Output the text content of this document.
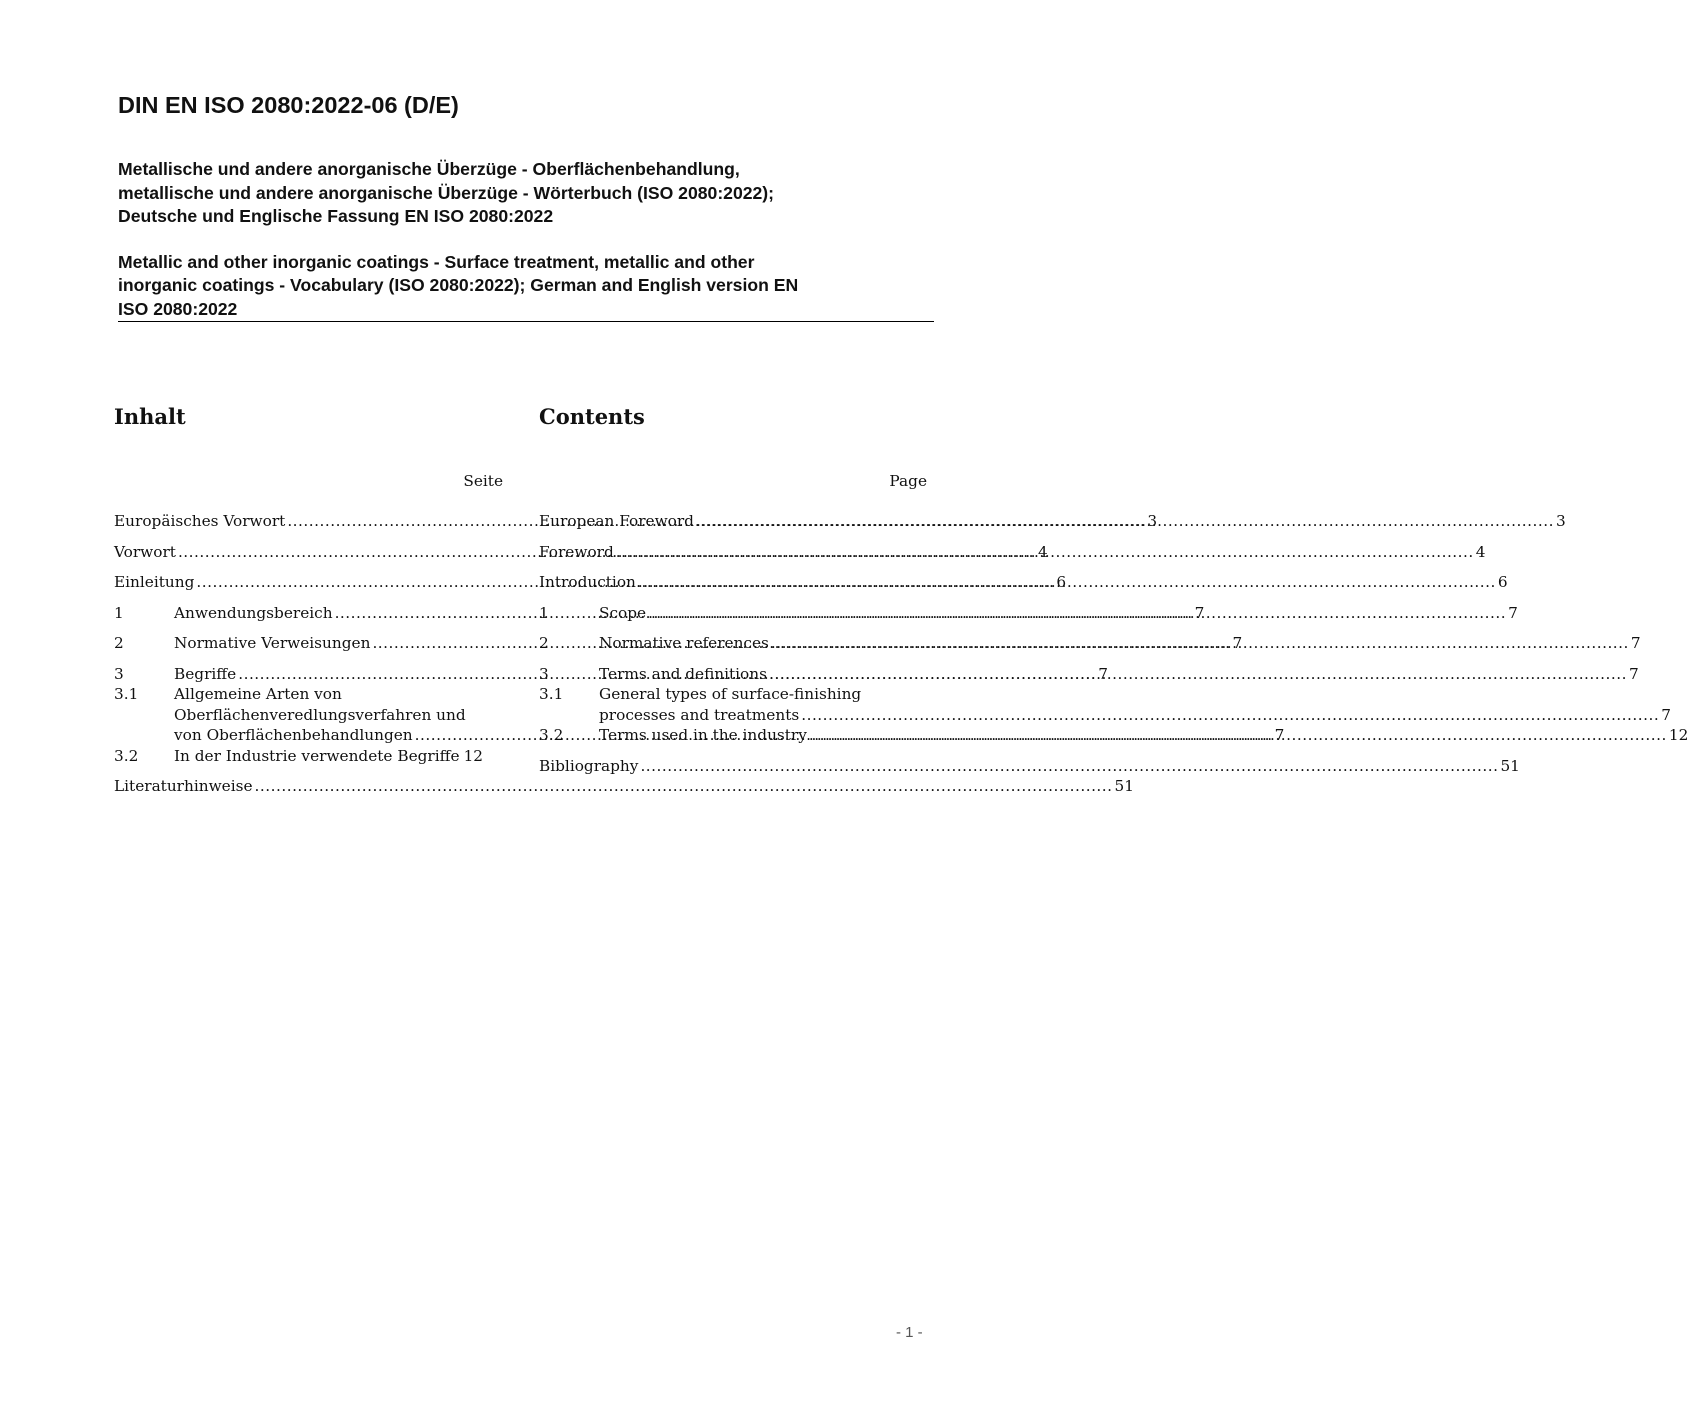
DIN EN ISO 2080:2022-06 (D/E)

Metallische und andere anorganische Überzüge - Oberflächenbehandlung,
metallische und andere anorganische Überzüge - Wörterbuch (ISO 2080:2022);
Deutsche und Englische Fassung EN ISO 2080:2022

Metallic and other inorganic coatings - Surface treatment, metallic and other
inorganic coatings - Vocabulary (ISO 2080:2022); German and English version EN
ISO 2080:2022

Inhalt
Seite
Europäisches Vorwort .....	3
Vorwort .....	4
Einleitung .....	6
1	Anwendungsbereich .....	7
2	Normative Verweisungen .....	7
3	Begriffe .....	7
3.1	Allgemeine Arten von
Oberflächenveredlungsverfahren und
von Oberflächenbehandlungen .....	7
3.2	In der Industrie verwendete Begriffe 12
Literaturhinweise .....	51
Contents
Page
European Foreword .....	3
Foreword .....	4
Introduction .....	6
1	Scope .....	7
2	Normative references .....	7
3	Terms and definitions .....	7
3.1	General types of surface-finishing
processes and treatments .....	7
3.2	Terms used in the industry .....	12
Bibliography .....	51
- 1 -
